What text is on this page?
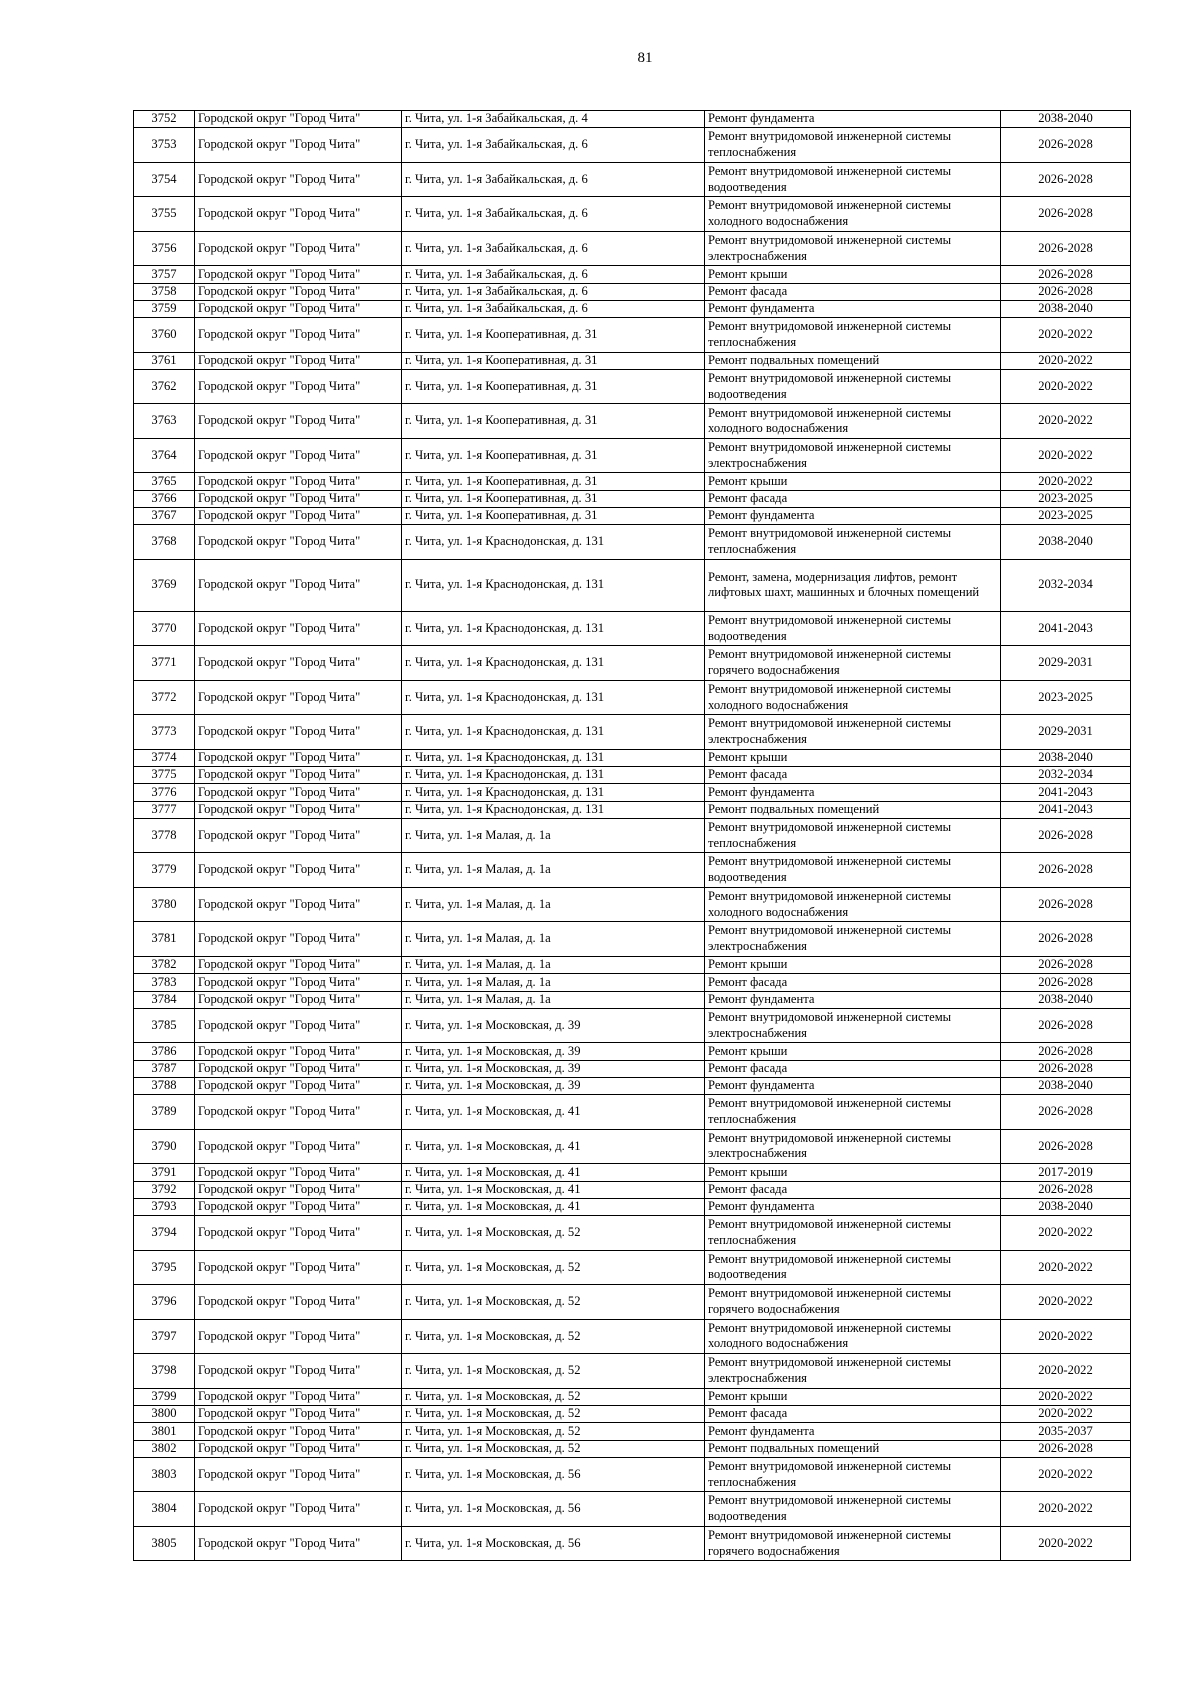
81
3752	Городской округ "Город Чита"	г. Чита, ул. 1-я Забайкальская, д. 4	Ремонт фундамента	2038-2040
3753	Городской округ "Город Чита"	г. Чита, ул. 1-я Забайкальская, д. 6	Ремонт внутридомовой инженерной системы теплоснабжения	2026-2028
3754	Городской округ "Город Чита"	г. Чита, ул. 1-я Забайкальская, д. 6	Ремонт внутридомовой инженерной системы водоотведения	2026-2028
3755	Городской округ "Город Чита"	г. Чита, ул. 1-я Забайкальская, д. 6	Ремонт внутридомовой инженерной системы холодного водоснабжения	2026-2028
3756	Городской округ "Город Чита"	г. Чита, ул. 1-я Забайкальская, д. 6	Ремонт внутридомовой инженерной системы электроснабжения	2026-2028
3757	Городской округ "Город Чита"	г. Чита, ул. 1-я Забайкальская, д. 6	Ремонт крыши	2026-2028
3758	Городской округ "Город Чита"	г. Чита, ул. 1-я Забайкальская, д. 6	Ремонт фасада	2026-2028
3759	Городской округ "Город Чита"	г. Чита, ул. 1-я Забайкальская, д. 6	Ремонт фундамента	2038-2040
3760	Городской округ "Город Чита"	г. Чита, ул. 1-я Кооперативная, д. 31	Ремонт внутридомовой инженерной системы теплоснабжения	2020-2022
3761	Городской округ "Город Чита"	г. Чита, ул. 1-я Кооперативная, д. 31	Ремонт подвальных помещений	2020-2022
3762	Городской округ "Город Чита"	г. Чита, ул. 1-я Кооперативная, д. 31	Ремонт внутридомовой инженерной системы водоотведения	2020-2022
3763	Городской округ "Город Чита"	г. Чита, ул. 1-я Кооперативная, д. 31	Ремонт внутридомовой инженерной системы холодного водоснабжения	2020-2022
3764	Городской округ "Город Чита"	г. Чита, ул. 1-я Кооперативная, д. 31	Ремонт внутридомовой инженерной системы электроснабжения	2020-2022
3765	Городской округ "Город Чита"	г. Чита, ул. 1-я Кооперативная, д. 31	Ремонт крыши	2020-2022
3766	Городской округ "Город Чита"	г. Чита, ул. 1-я Кооперативная, д. 31	Ремонт фасада	2023-2025
3767	Городской округ "Город Чита"	г. Чита, ул. 1-я Кооперативная, д. 31	Ремонт фундамента	2023-2025
3768	Городской округ "Город Чита"	г. Чита, ул. 1-я Краснодонская, д. 131	Ремонт внутридомовой инженерной системы теплоснабжения	2038-2040
3769	Городской округ "Город Чита"	г. Чита, ул. 1-я Краснодонская, д. 131	Ремонт, замена, модернизация лифтов, ремонт лифтовых шахт, машинных и блочных помещений	2032-2034
3770	Городской округ "Город Чита"	г. Чита, ул. 1-я Краснодонская, д. 131	Ремонт внутридомовой инженерной системы водоотведения	2041-2043
3771	Городской округ "Город Чита"	г. Чита, ул. 1-я Краснодонская, д. 131	Ремонт внутридомовой инженерной системы горячего водоснабжения	2029-2031
3772	Городской округ "Город Чита"	г. Чита, ул. 1-я Краснодонская, д. 131	Ремонт внутридомовой инженерной системы холодного водоснабжения	2023-2025
3773	Городской округ "Город Чита"	г. Чита, ул. 1-я Краснодонская, д. 131	Ремонт внутридомовой инженерной системы электроснабжения	2029-2031
3774	Городской округ "Город Чита"	г. Чита, ул. 1-я Краснодонская, д. 131	Ремонт крыши	2038-2040
3775	Городской округ "Город Чита"	г. Чита, ул. 1-я Краснодонская, д. 131	Ремонт фасада	2032-2034
3776	Городской округ "Город Чита"	г. Чита, ул. 1-я Краснодонская, д. 131	Ремонт фундамента	2041-2043
3777	Городской округ "Город Чита"	г. Чита, ул. 1-я Краснодонская, д. 131	Ремонт подвальных помещений	2041-2043
3778	Городской округ "Город Чита"	г. Чита, ул. 1-я Малая, д. 1а	Ремонт внутридомовой инженерной системы теплоснабжения	2026-2028
3779	Городской округ "Город Чита"	г. Чита, ул. 1-я Малая, д. 1а	Ремонт внутридомовой инженерной системы водоотведения	2026-2028
3780	Городской округ "Город Чита"	г. Чита, ул. 1-я Малая, д. 1а	Ремонт внутридомовой инженерной системы холодного водоснабжения	2026-2028
3781	Городской округ "Город Чита"	г. Чита, ул. 1-я Малая, д. 1а	Ремонт внутридомовой инженерной системы электроснабжения	2026-2028
3782	Городской округ "Город Чита"	г. Чита, ул. 1-я Малая, д. 1а	Ремонт крыши	2026-2028
3783	Городской округ "Город Чита"	г. Чита, ул. 1-я Малая, д. 1а	Ремонт фасада	2026-2028
3784	Городской округ "Город Чита"	г. Чита, ул. 1-я Малая, д. 1а	Ремонт фундамента	2038-2040
3785	Городской округ "Город Чита"	г. Чита, ул. 1-я Московская, д. 39	Ремонт внутридомовой инженерной системы электроснабжения	2026-2028
3786	Городской округ "Город Чита"	г. Чита, ул. 1-я Московская, д. 39	Ремонт крыши	2026-2028
3787	Городской округ "Город Чита"	г. Чита, ул. 1-я Московская, д. 39	Ремонт фасада	2026-2028
3788	Городской округ "Город Чита"	г. Чита, ул. 1-я Московская, д. 39	Ремонт фундамента	2038-2040
3789	Городской округ "Город Чита"	г. Чита, ул. 1-я Московская, д. 41	Ремонт внутридомовой инженерной системы теплоснабжения	2026-2028
3790	Городской округ "Город Чита"	г. Чита, ул. 1-я Московская, д. 41	Ремонт внутридомовой инженерной системы электроснабжения	2026-2028
3791	Городской округ "Город Чита"	г. Чита, ул. 1-я Московская, д. 41	Ремонт крыши	2017-2019
3792	Городской округ "Город Чита"	г. Чита, ул. 1-я Московская, д. 41	Ремонт фасада	2026-2028
3793	Городской округ "Город Чита"	г. Чита, ул. 1-я Московская, д. 41	Ремонт фундамента	2038-2040
3794	Городской округ "Город Чита"	г. Чита, ул. 1-я Московская, д. 52	Ремонт внутридомовой инженерной системы теплоснабжения	2020-2022
3795	Городской округ "Город Чита"	г. Чита, ул. 1-я Московская, д. 52	Ремонт внутридомовой инженерной системы водоотведения	2020-2022
3796	Городской округ "Город Чита"	г. Чита, ул. 1-я Московская, д. 52	Ремонт внутридомовой инженерной системы горячего водоснабжения	2020-2022
3797	Городской округ "Город Чита"	г. Чита, ул. 1-я Московская, д. 52	Ремонт внутридомовой инженерной системы холодного водоснабжения	2020-2022
3798	Городской округ "Город Чита"	г. Чита, ул. 1-я Московская, д. 52	Ремонт внутридомовой инженерной системы электроснабжения	2020-2022
3799	Городской округ "Город Чита"	г. Чита, ул. 1-я Московская, д. 52	Ремонт крыши	2020-2022
3800	Городской округ "Город Чита"	г. Чита, ул. 1-я Московская, д. 52	Ремонт фасада	2020-2022
3801	Городской округ "Город Чита"	г. Чита, ул. 1-я Московская, д. 52	Ремонт фундамента	2035-2037
3802	Городской округ "Город Чита"	г. Чита, ул. 1-я Московская, д. 52	Ремонт подвальных помещений	2026-2028
3803	Городской округ "Город Чита"	г. Чита, ул. 1-я Московская, д. 56	Ремонт внутридомовой инженерной системы теплоснабжения	2020-2022
3804	Городской округ "Город Чита"	г. Чита, ул. 1-я Московская, д. 56	Ремонт внутридомовой инженерной системы водоотведения	2020-2022
3805	Городской округ "Город Чита"	г. Чита, ул. 1-я Московская, д. 56	Ремонт внутридомовой инженерной системы горячего водоснабжения	2020-2022
